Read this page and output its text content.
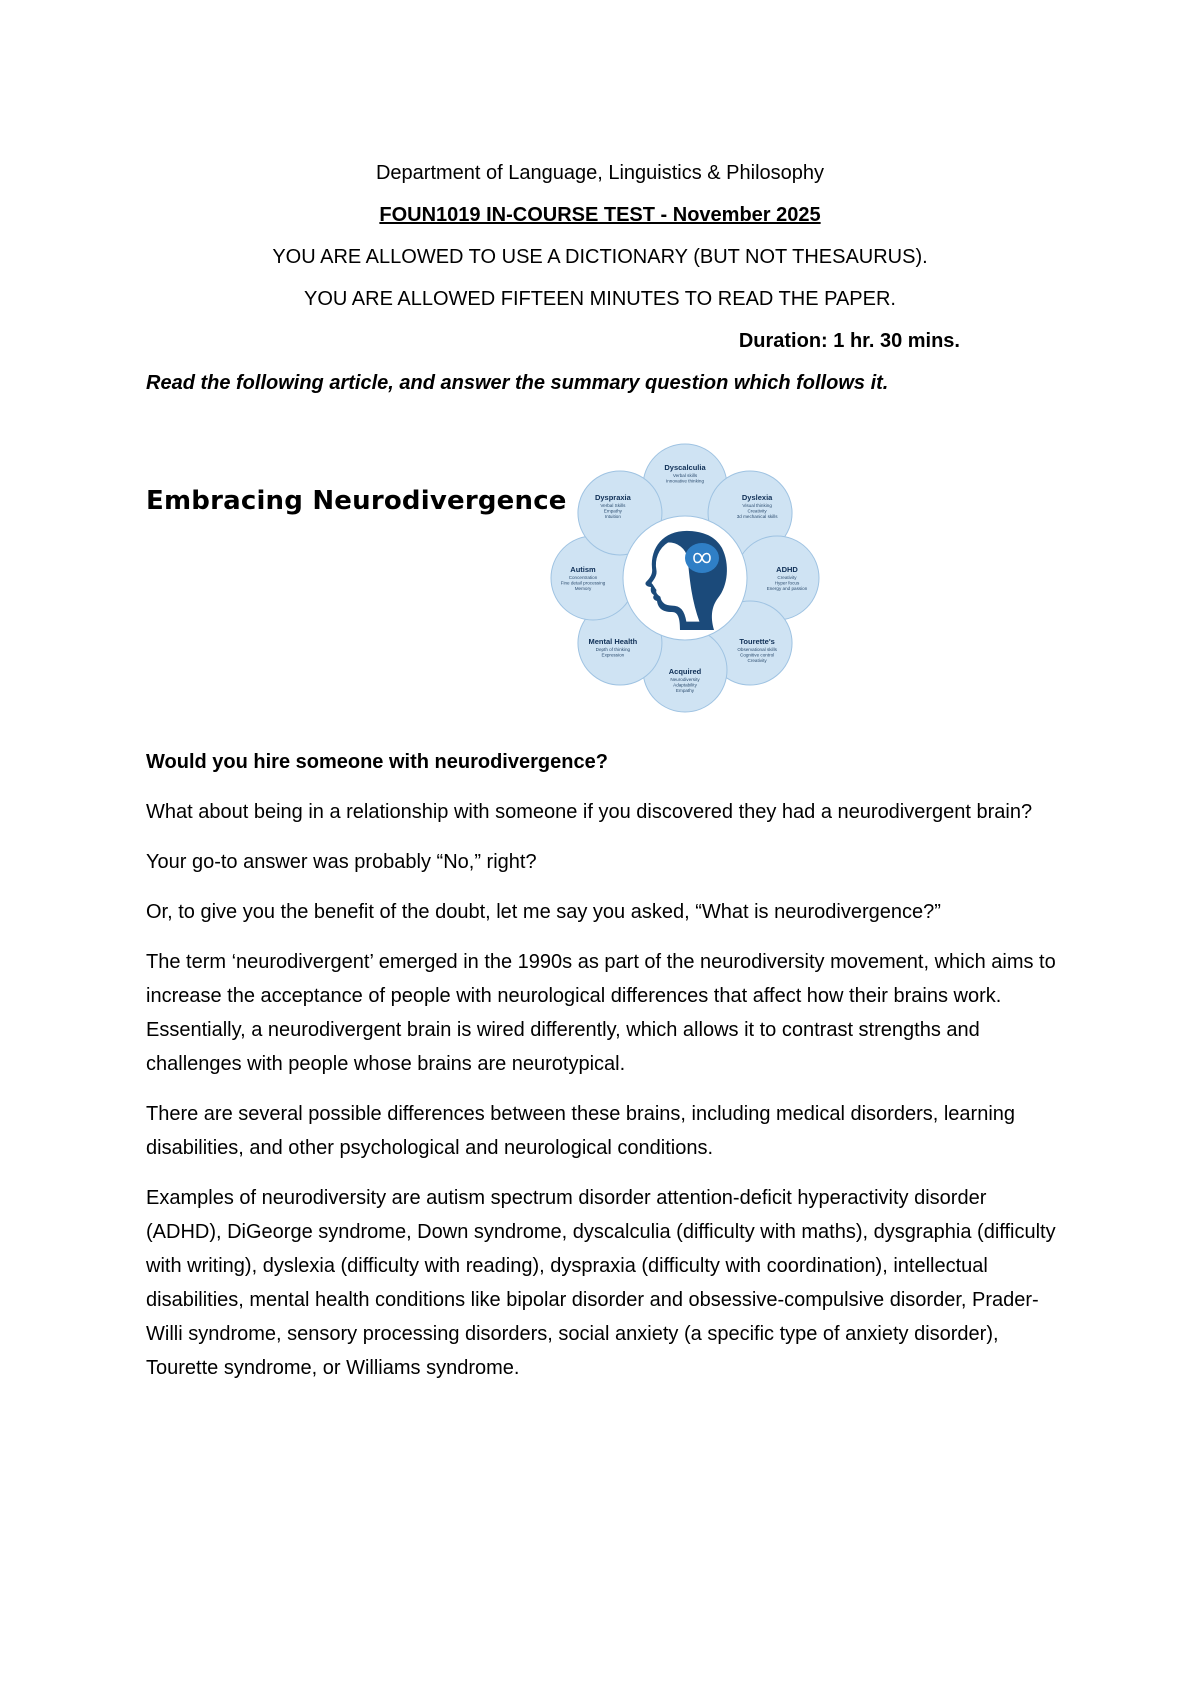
Department of Language, Linguistics & Philosophy
FOUN1019 IN-COURSE TEST - November 2025
YOU ARE ALLOWED TO USE A DICTIONARY (BUT NOT THESAURUS).
YOU ARE ALLOWED FIFTEEN MINUTES TO READ THE PAPER.
Duration: 1 hr. 30 mins.
Read the following article, and answer the summary question which follows it.
Embracing Neurodivergence
Dyscalculia
Verbal skills
Innovative thinking
Dyslexia
Visual thinking
Creativity
3d mechanical skills
ADHD
Creativity
Hyper focus
Energy and passion
Tourette's
Observational skills
Cognitive control
Creativity
Acquired
Neurodiversity
Adaptability
Empathy
Mental Health
Depth of thinking
Expression
Autism
Concentration
Fine detail processing
Memory
Dyspraxia
Verbal Skills
Empathy
Intuition

Would you hire someone with neurodivergence?

What about being in a relationship with someone if you discovered they had a neurodivergent brain?

Your go-to answer was probably “No,” right?

Or, to give you the benefit of the doubt, let me say you asked, “What is neurodivergence?”

The term ‘neurodivergent’ emerged in the 1990s as part of the neurodiversity movement, which aims to increase the acceptance of people with neurological differences that affect how their brains work. Essentially, a neurodivergent brain is wired differently, which allows it to contrast strengths and challenges with people whose brains are neurotypical.

There are several possible differences between these brains, including medical disorders, learning disabilities, and other psychological and neurological conditions.

Examples of neurodiversity are autism spectrum disorder attention-deficit hyperactivity disorder (ADHD), DiGeorge syndrome, Down syndrome, dyscalculia (difficulty with maths), dysgraphia (difficulty with writing), dyslexia (difficulty with reading), dyspraxia (difficulty with coordination), intellectual disabilities, mental health conditions like bipolar disorder and obsessive-compulsive disorder, Prader-Willi syndrome, sensory processing disorders, social anxiety (a specific type of anxiety disorder), Tourette syndrome, or Williams syndrome.
